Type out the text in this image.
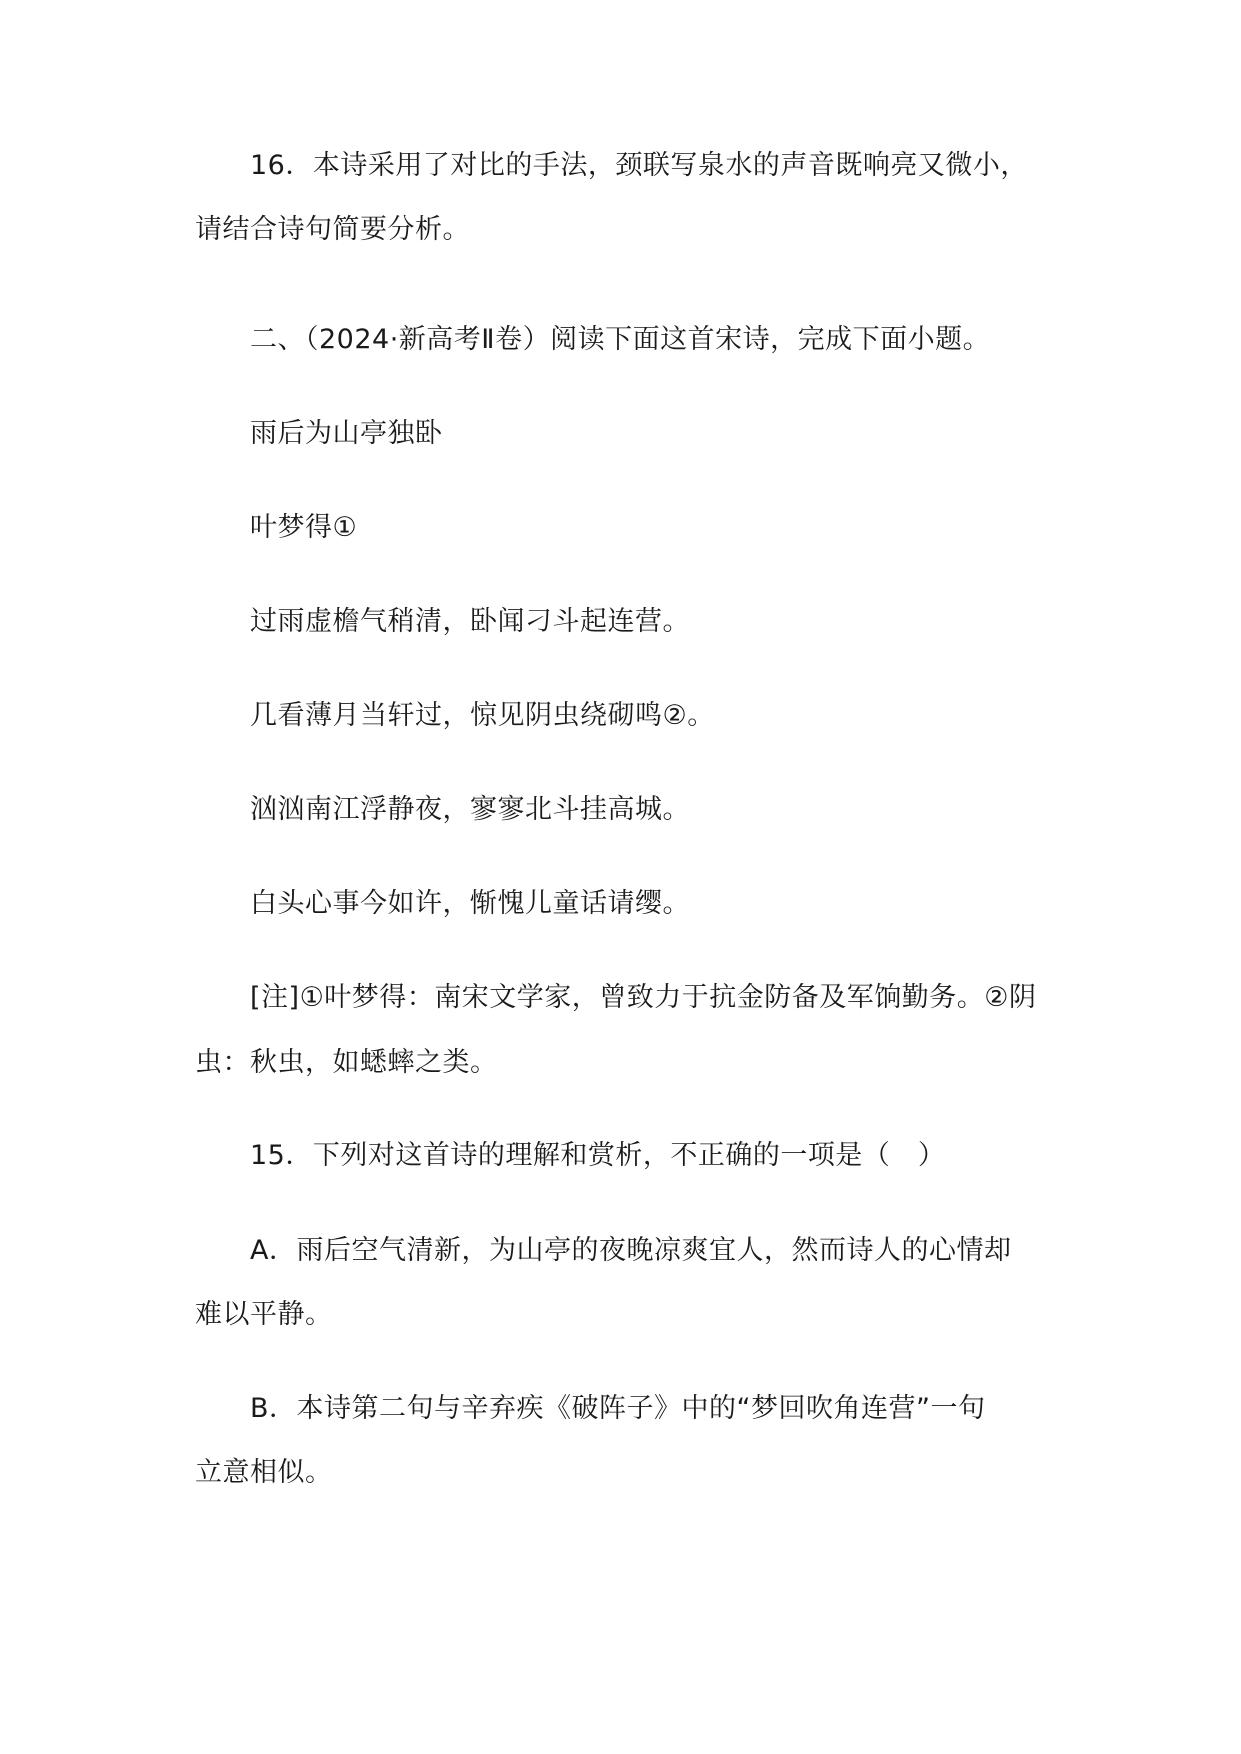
16．本诗采用了对比的手法，颈联写泉水的声音既响亮又微小，
请结合诗句简要分析。
二、（2024·新高考Ⅱ卷）阅读下面这首宋诗，完成下面小题。
雨后为山亭独卧
叶梦得①
过雨虚檐气稍清，卧闻刁斗起连营。
几看薄月当轩过，惊见阴虫绕砌鸣②。
汹汹南江浮静夜，寥寥北斗挂高城。
白头心事今如许，惭愧儿童话请缨。
[注]①叶梦得：南宋文学家，曾致力于抗金防备及军饷勤务。②阴
虫：秋虫，如蟋蟀之类。
15．下列对这首诗的理解和赏析，不正确的一项是（　）
A．雨后空气清新，为山亭的夜晚凉爽宜人，然而诗人的心情却
难以平静。
B．本诗第二句与辛弃疾《破阵子》中的“梦回吹角连营”一句
立意相似。
